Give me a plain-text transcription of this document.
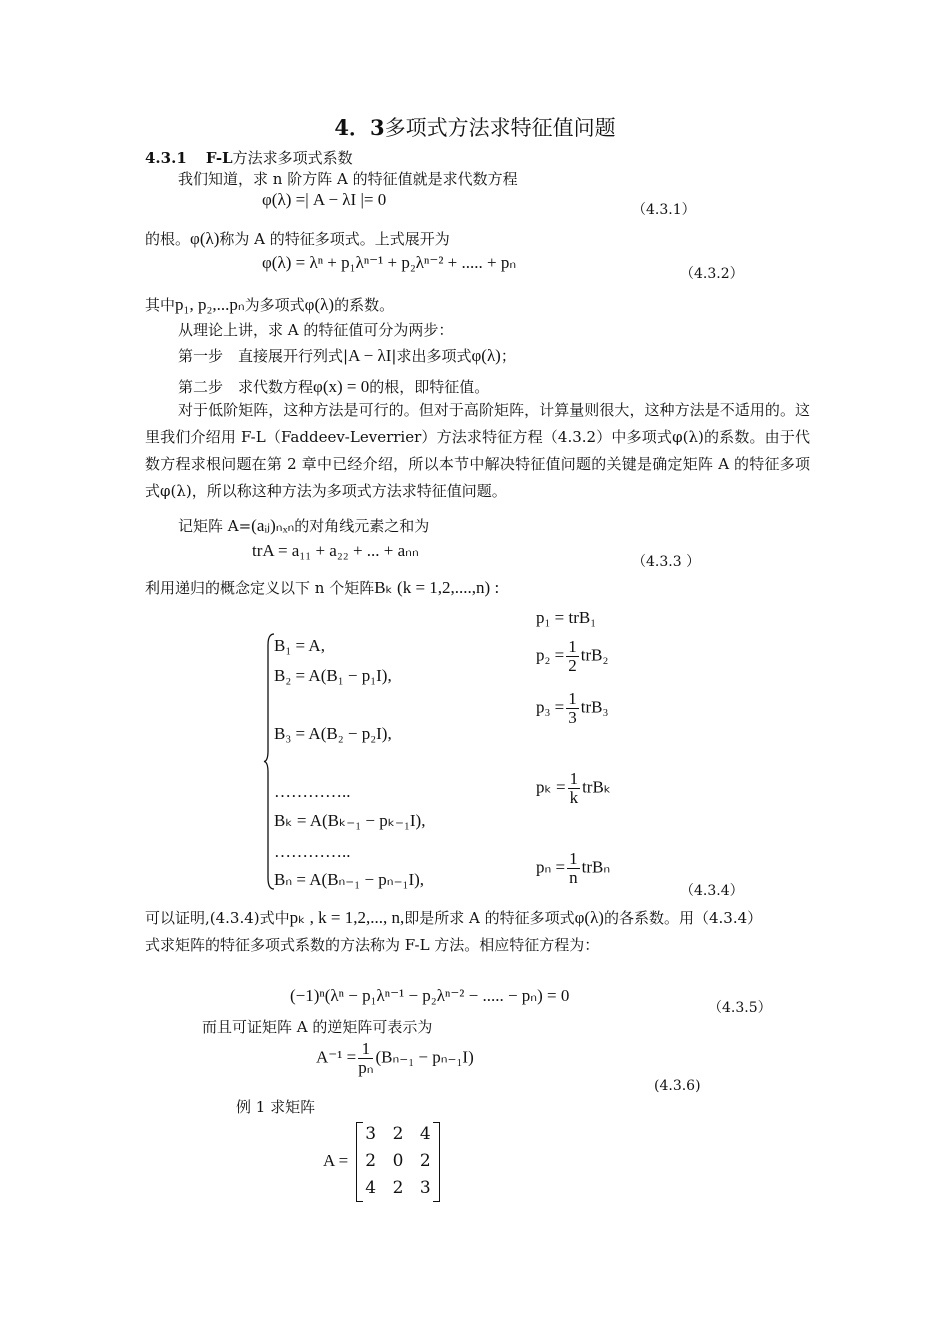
4．3多项式方法求特征值问题
4.3.1 F-L方法求多项式系数
我们知道，求 n 阶方阵 A 的特征值就是求代数方程
φ(λ) =| A − λI |= 0
（4.3.1）
的根。φ(λ)称为 A 的特征多项式。上式展开为
φ(λ) = λⁿ + p₁λⁿ⁻¹ + p₂λⁿ⁻² + ..... + pₙ
（4.3.2）
其中p₁, p₂,...pₙ为多项式φ(λ)的系数。
从理论上讲，求 A 的特征值可分为两步：
第一步　直接展开行列式|A − λI|求出多项式φ(λ)；
第二步　求代数方程φ(x) = 0的根，即特征值。
对于低阶矩阵，这种方法是可行的。但对于高阶矩阵，计算量则很大，这种方法是不适用的。这里我们介绍用 F-L（Faddeev-Leverrier）方法求特征方程（4.3.2）中多项式φ(λ)的系数。由于代数方程求根问题在第 2 章中已经介绍，所以本节中解决特征值问题的关键是确定矩阵 A 的特征多项式φ(λ)，所以称这种方法为多项式方法求特征值问题。
记矩阵 A=(aᵢⱼ)ₙₓₙ的对角线元素之和为
trA = a₁₁ + a₂₂ + ... + aₙₙ
（4.3.3 ）
利用递归的概念定义以下 n 个矩阵Bₖ (k = 1,2,....,n) :
B₁ = A,
B₂ = A(B₁ − p₁I),
B₃ = A(B₂ − p₂I),
…………..
Bₖ = A(Bₖ₋₁ − pₖ₋₁I),
…………..
Bₙ = A(Bₙ₋₁ − pₙ₋₁I),
p₁ = trB₁
$p_2 = \frac{1}{2} trB_2$
$p_3 = \frac{1}{3} trB_3$
$p_k = \frac{1}{k}$ trBₖ
$p_n = \frac{1}{n}$ trBₙ
（4.3.4）
可以证明,(4.3.4)式中pₖ , k = 1,2,..., n,即是所求 A 的特征多项式φ(λ)的各系数。用（4.3.4）
式求矩阵的特征多项式系数的方法称为 F-L 方法。相应特征方程为：
(−1)ⁿ(λⁿ − p₁λⁿ⁻¹ − p₂λⁿ⁻² − ..... − pₙ) = 0
（4.3.5）
而且可证矩阵 A 的逆矩阵可表示为
$A^{-1} = \frac{1}{\text{pₙ}} (B_{n-1} - p_{n-1}I)$
(4.3.6)
例 1 求矩阵
A =
3 2 4
2 0 2
4 2 3
